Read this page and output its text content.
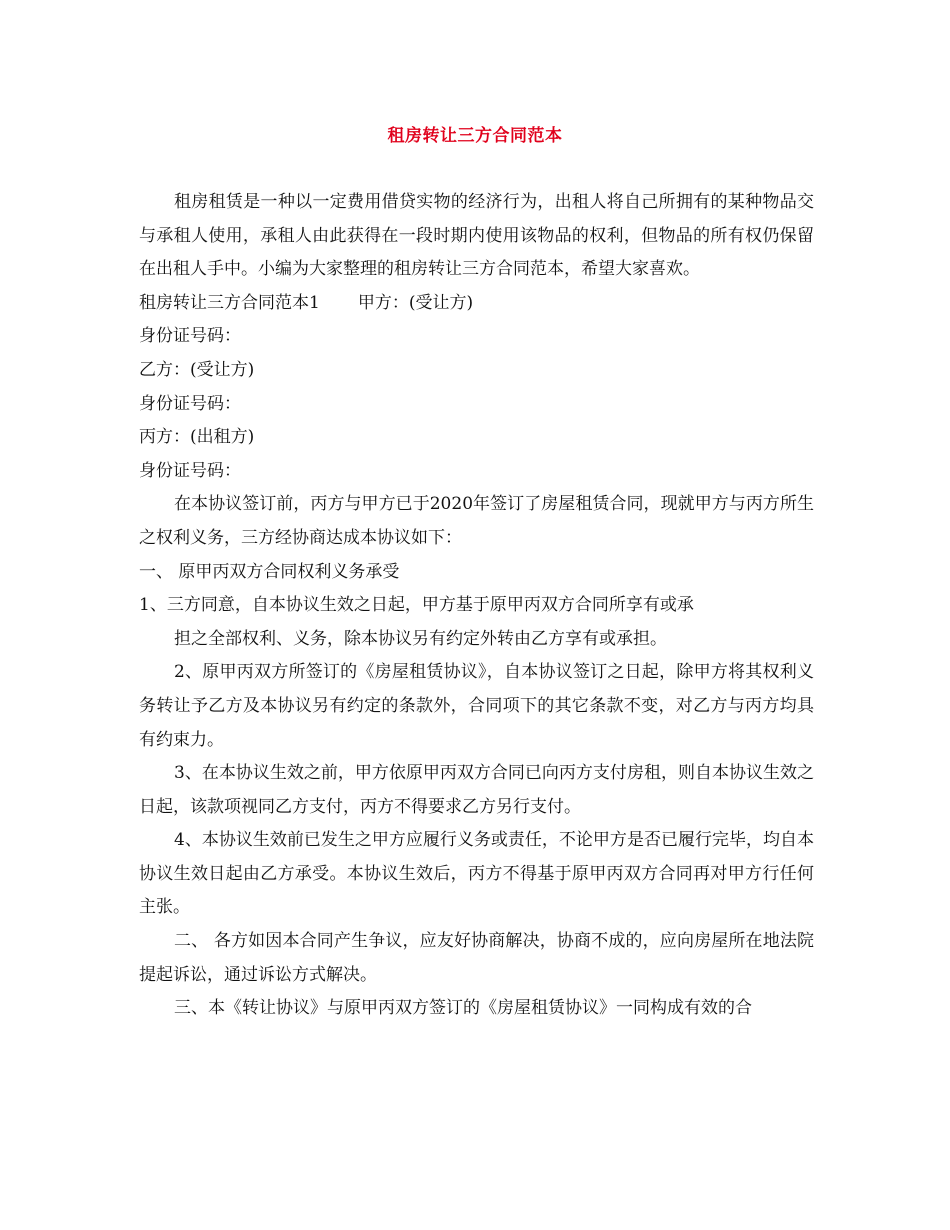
租房转让三方合同范本

租房租赁是一种以一定费用借贷实物的经济行为，出租人将自己所拥有的某种物品交与承租人使用，承租人由此获得在一段时期内使用该物品的权利，但物品的所有权仍保留在出租人手中。小编为大家整理的租房转让三方合同范本，希望大家喜欢。

租房转让三方合同范本1 甲方：(受让方)

身份证号码：

乙方：(受让方)

身份证号码：

丙方：(出租方)

身份证号码：

在本协议签订前，丙方与甲方已于2020年签订了房屋租赁合同，现就甲方与丙方所生之权利义务，三方经协商达成本协议如下：

一、 原甲丙双方合同权利义务承受

1、三方同意，自本协议生效之日起，甲方基于原甲丙双方合同所享有或承

担之全部权利、义务，除本协议另有约定外转由乙方享有或承担。

2、原甲丙双方所签订的《房屋租赁协议》，自本协议签订之日起，除甲方将其权利义务转让予乙方及本协议另有约定的条款外，合同项下的其它条款不变，对乙方与丙方均具有约束力。

3、在本协议生效之前，甲方依原甲丙双方合同已向丙方支付房租，则自本协议生效之日起，该款项视同乙方支付，丙方不得要求乙方另行支付。

4、本协议生效前已发生之甲方应履行义务或责任，不论甲方是否已履行完毕，均自本协议生效日起由乙方承受。本协议生效后，丙方不得基于原甲丙双方合同再对甲方行任何主张。

二、 各方如因本合同产生争议，应友好协商解决，协商不成的，应向房屋所在地法院提起诉讼，通过诉讼方式解决。

三、本《转让协议》与原甲丙双方签订的《房屋租赁协议》一同构成有效的合
